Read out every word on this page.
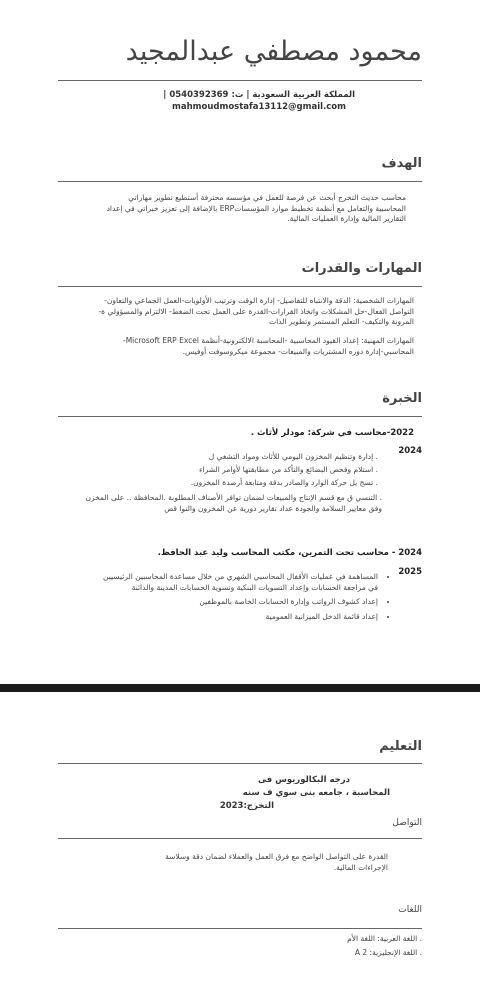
محمود مصطفي عبدالمجيد
المملكة العربية السعودية | ت: 0540392369 |
mahmoudmostafa13112@gmail.com
الهدف
محاسب حديث التخرج أبحث عن فرصة للعمل في مؤسسه محترفة أستطيع تطوير مهاراتي المحاسبية والتعامل مع أنظمة تخطيط موارد المؤسساتERP بالإضافة إلى تعزيز خبراتي في إعداد التقارير المالية وإدارة العمليات المالية.
المهارات والقدرات
المهارات الشخصية: الدقة والانتباه للتفاصيل- إدارة الوقت وترتيب الأولويات-العمل الجماعي والتعاون-التواصل الفعال-حل المشكلات واتخاذ القرارات-القدرة على العمل تحت الضغط- الالتزام والمسؤولي ة-المرونة والتكيف- التعلم المستمر وتطوير الذات
المهارات المهنية: إعداد القيود المحاسبية -المحاسبة الالكترونية-أنظمة Microsoft ERP Excel- المحاسبي-إدارة دوره المشتريات والمبيعات- مجموعة ميكروسوفت أوفيس.
الخبرة
2022-محاسب في شركة: مودلر لأثاث .
2024
. إدارة وتنظيم المخزون اليومي للأثاث ومواد التشغي ل
. استلام وفحص البضائع والتأكد من مطابقتها لأوامر الشراء
. تسج يل حركة الوارد والصادر بدقة ومتابعة أرصدة المخزون.
. التنسي ق مع قسم الإنتاج والمبيعات لضمان توافر الأصناف المطلوبة .المحافظة .. على المخزن وفق معايير السلامة والجودة عداد تقارير دورية عن المخزون والنوا قص
2024 - محاسب تحت التمرين، مكتب المحاسب وليد عبد الحافظ.
2025
• المساهمة في عمليات الأقفال المحاسبي الشهري من خلال مساعدة المحاسبين الرئيسيين في مراجعة الحسابات وإعداد التسويات البنكية وتسوية الحسابات المدينة والدائنة
• إعداد كشوف الرواتب وإدارة الحسابات الخاصة بالموظفين
• إعداد قائمة الدخل الميزانية العمومية
التعليم
درجه البكالوريوس فى
المحاسبة ، جامعه بنى سوي ف سنه
التخرج:2023
التواصل
القدرة على التواصل الواضح مع فرق العمل والعملاء لضمان دقة وسلاسة الإجراءات المالية.
اللغات
. اللغة العربية: اللغة الأم
. اللغة الإنجليزية: A 2
